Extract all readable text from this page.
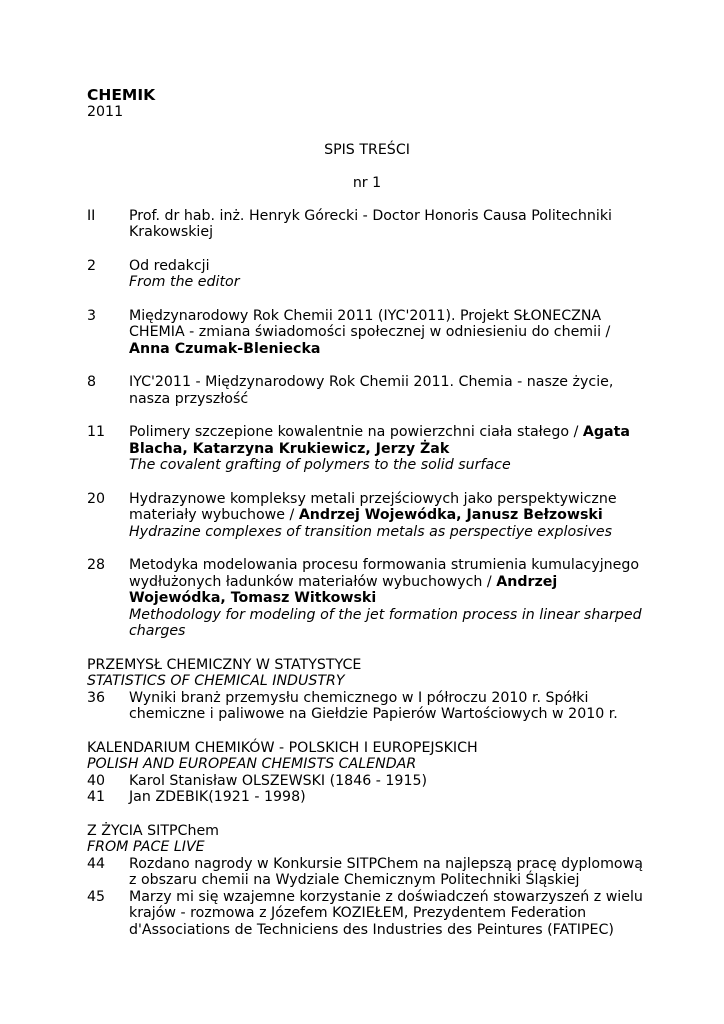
CHEMIK
2011
SPIS TREŚCI
nr 1
II	Prof. dr hab. inż. Henryk Górecki - Doctor Honoris Causa Politechniki Krakowskiej
2	Od redakcji
From the editor
3	Międzynarodowy Rok Chemii 2011 (IYC'2011). Projekt SŁONECZNA CHEMIA - zmiana świadomości społecznej w odniesieniu do chemii / Anna Czumak-Bleniecka
8	IYC'2011 - Międzynarodowy Rok Chemii 2011. Chemia - nasze życie, nasza przyszłość
11	Polimery szczepione kowalentnie na powierzchni ciała stałego / Agata Blacha, Katarzyna Krukiewicz, Jerzy Żak
The covalent grafting of polymers to the solid surface
20	Hydrazynowe kompleksy metali przejściowych jako perspektywiczne materiały wybuchowe / Andrzej Wojewódka, Janusz Bełzowski
Hydrazine complexes of transition metals as perspectiye explosives
28	Metodyka modelowania procesu formowania strumienia kumulacyjnego wydłużonych ładunków materiałów wybuchowych / Andrzej Wojewódka, Tomasz Witkowski
Methodology for modeling of the jet formation process in linear sharped charges
PRZEMYSŁ CHEMICZNY W STATYSTYCE
STATISTICS OF CHEMICAL INDUSTRY
36	Wyniki branż przemysłu chemicznego w I półroczu 2010 r. Spółki chemiczne i paliwowe na Giełdzie Papierów Wartościowych w 2010 r.
KALENDARIUM CHEMIKÓW - POLSKICH I EUROPEJSKICH
POLISH AND EUROPEAN CHEMISTS CALENDAR
40	Karol Stanisław OLSZEWSKI (1846 - 1915)
41	Jan ZDEBIK(1921 - 1998)
Z ŻYCIA SITPChem
FROM PACE LIVE
44	Rozdano nagrody w Konkursie SITPChem na najlepszą pracę dyplomową z obszaru chemii na Wydziale Chemicznym Politechniki Śląskiej
45	Marzy mi się wzajemne korzystanie z doświadczeń stowarzyszeń z wielu krajów - rozmowa z Józefem KOZIEŁEM, Prezydentem Federation d'Associations de Techniciens des Industries des Peintures (FATIPEC)
